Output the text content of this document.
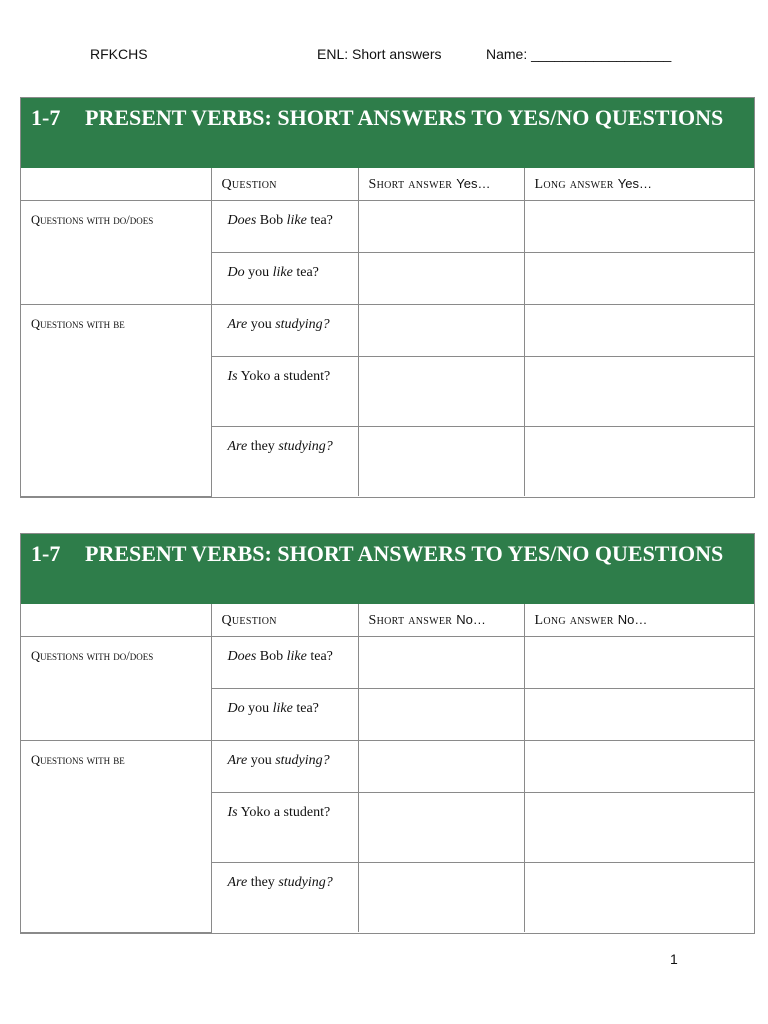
RFKCHS	ENL: Short answers	Name: __________________
1-7	PRESENT VERBS: SHORT ANSWERS TO YES/NO QUESTIONS
	Question	Short answer Yes…	Long answer Yes…
Questions with do/does	Does Bob like tea?		
	Do you like tea?		
Questions with be	Are you studying?		
	Is Yoko a student?		
	Are they studying?		
1-7	PRESENT VERBS: SHORT ANSWERS TO YES/NO QUESTIONS
	Question	Short answer No…	Long answer No…
Questions with do/does	Does Bob like tea?		
	Do you like tea?		
Questions with be	Are you studying?		
	Is Yoko a student?		
	Are they studying?		
1
